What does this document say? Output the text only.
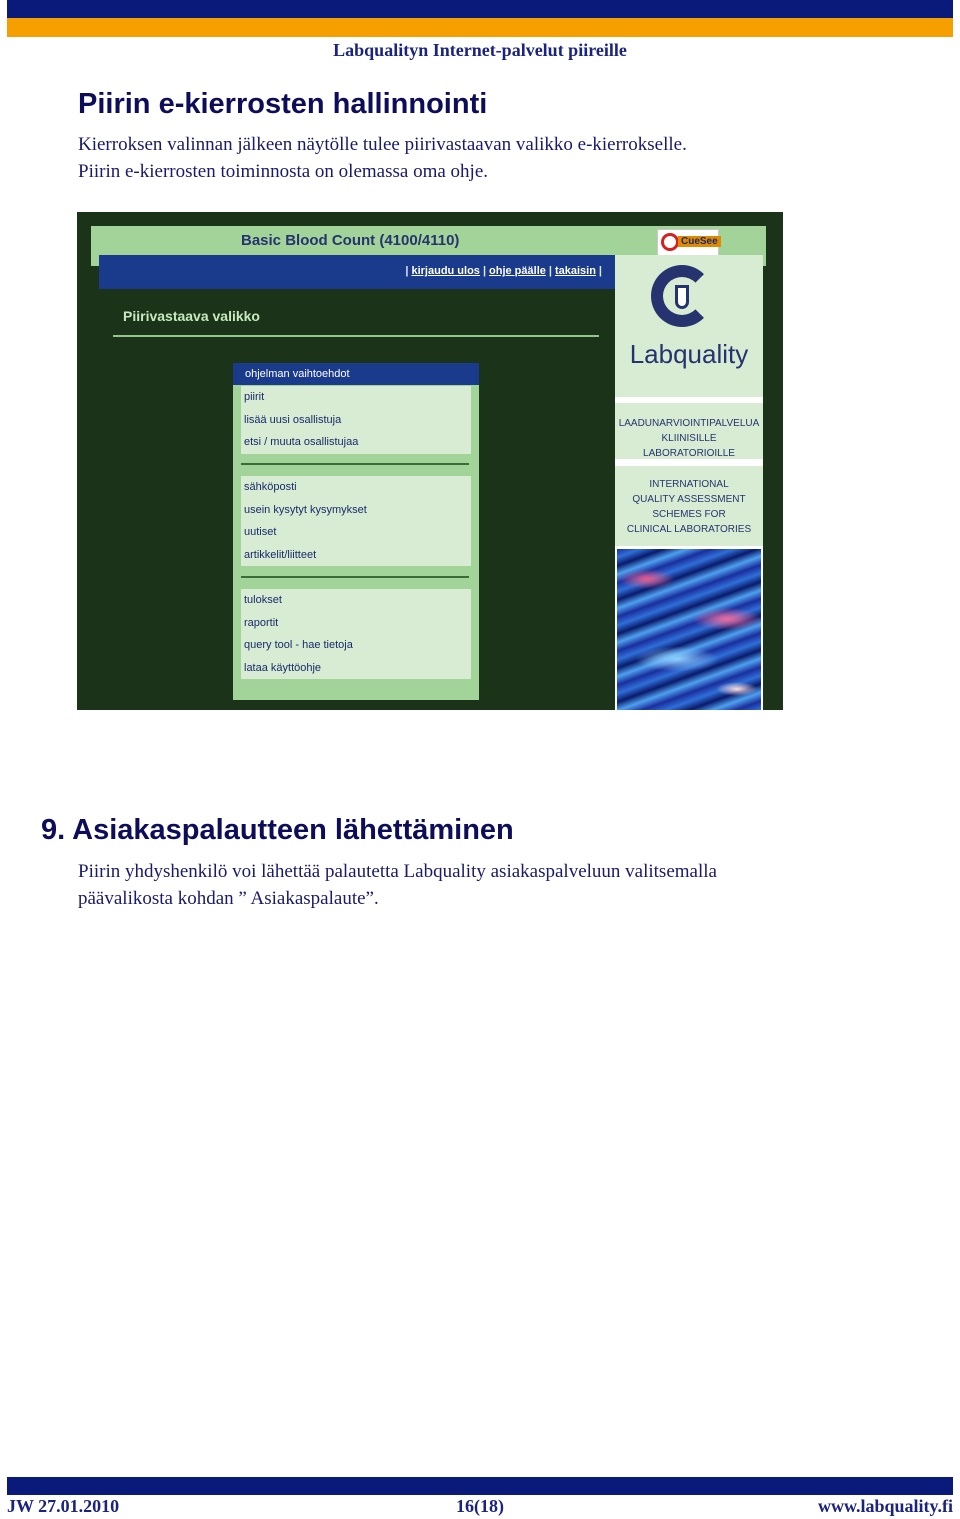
Labqualityn Internet-palvelut piireille
Piirin e-kierrosten hallinnointi
Kierroksen valinnan jälkeen näytölle tulee piirivastaavan valikko e-kierrokselle.
Piirin e-kierrosten toiminnosta on olemassa oma ohje.
Basic Blood Count (4100/4110)	CueSee
| kirjaudu ulos | ohje päälle | takaisin |
Piirivastaava valikko
ohjelman vaihtoehdot
piirit
lisää uusi osallistuja
etsi / muuta osallistujaa
sähköposti
usein kysytyt kysymykset
uutiset
artikkelit/liitteet
tulokset
raportit
query tool - hae tietoja
lataa käyttöohje
Labquality
LAADUNARVIOINTIPALVELUA
KLIINISILLE LABORATORIOILLE
INTERNATIONAL
QUALITY ASSESSMENT
SCHEMES FOR
CLINICAL LABORATORIES
9. Asiakaspalautteen lähettäminen
Piirin yhdyshenkilö voi lähettää palautetta Labquality asiakaspalveluun valitsemalla
päävalikosta kohdan ” Asiakaspalaute”.
JW 27.01.2010	16(18)	www.labquality.fi
